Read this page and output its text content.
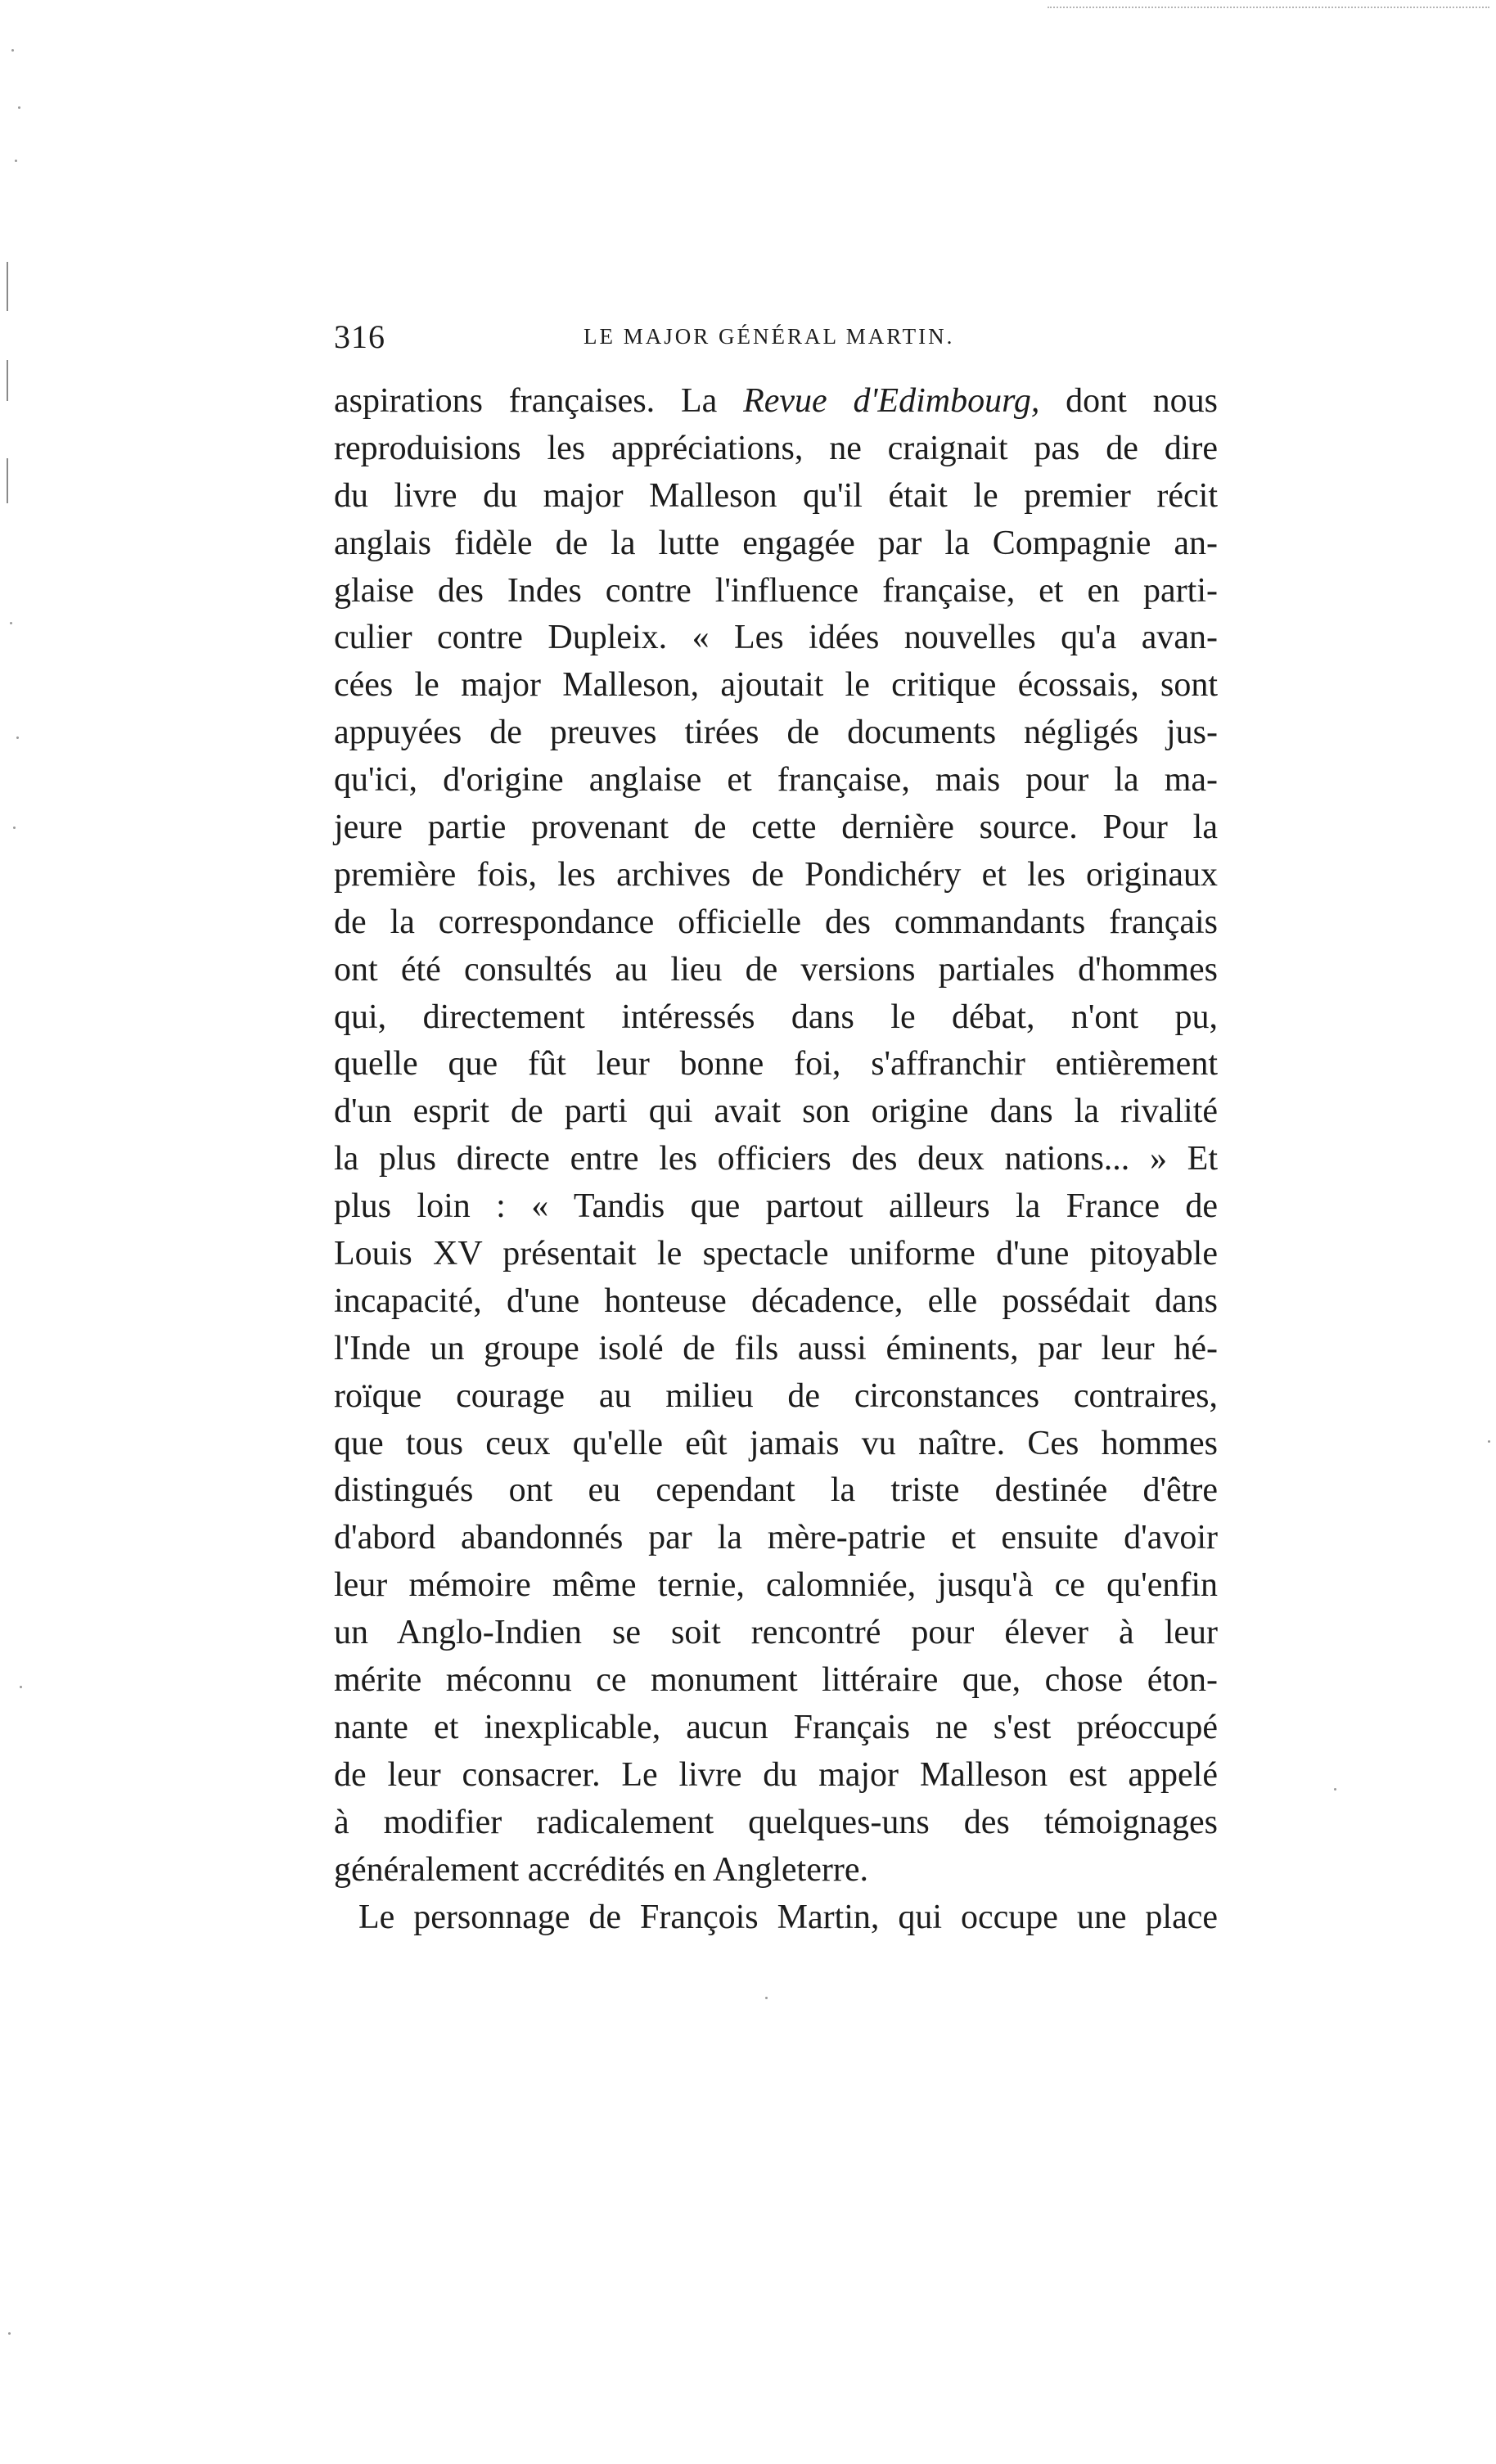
316	LE MAJOR GÉNÉRAL MARTIN.
aspirations françaises. La Revue d'Edimbourg, dont nous
reproduisions les appréciations, ne craignait pas de dire
du livre du major Malleson qu'il était le premier récit
anglais fidèle de la lutte engagée par la Compagnie an-
glaise des Indes contre l'influence française, et en parti-
culier contre Dupleix. « Les idées nouvelles qu'a avan-
cées le major Malleson, ajoutait le critique écossais, sont
appuyées de preuves tirées de documents négligés jus-
qu'ici, d'origine anglaise et française, mais pour la ma-
jeure partie provenant de cette dernière source. Pour la
première fois, les archives de Pondichéry et les originaux
de la correspondance officielle des commandants français
ont été consultés au lieu de versions partiales d'hommes
qui, directement intéressés dans le débat, n'ont pu,
quelle que fût leur bonne foi, s'affranchir entièrement
d'un esprit de parti qui avait son origine dans la rivalité
la plus directe entre les officiers des deux nations... » Et
plus loin : « Tandis que partout ailleurs la France de
Louis XV présentait le spectacle uniforme d'une pitoyable
incapacité, d'une honteuse décadence, elle possédait dans
l'Inde un groupe isolé de fils aussi éminents, par leur hé-
roïque courage au milieu de circonstances contraires,
que tous ceux qu'elle eût jamais vu naître. Ces hommes
distingués ont eu cependant la triste destinée d'être
d'abord abandonnés par la mère-patrie et ensuite d'avoir
leur mémoire même ternie, calomniée, jusqu'à ce qu'enfin
un Anglo-Indien se soit rencontré pour élever à leur
mérite méconnu ce monument littéraire que, chose éton-
nante et inexplicable, aucun Français ne s'est préoccupé
de leur consacrer. Le livre du major Malleson est appelé
à modifier radicalement quelques-uns des témoignages
généralement accrédités en Angleterre.
Le personnage de François Martin, qui occupe une place
